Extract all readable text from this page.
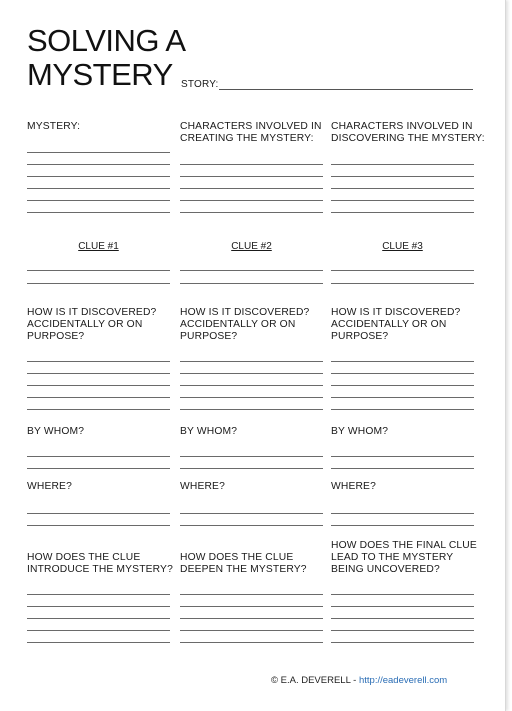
SOLVING A
MYSTERY STORY:
MYSTERY:
CLUE #1
HOW IS IT DISCOVERED?
ACCIDENTALLY OR ON
PURPOSE?
BY WHOM?
WHERE?
HOW DOES THE CLUE
INTRODUCE THE MYSTERY?
CHARACTERS INVOLVED IN
CREATING THE MYSTERY:
CLUE #2
HOW IS IT DISCOVERED?
ACCIDENTALLY OR ON
PURPOSE?
BY WHOM?
WHERE?
HOW DOES THE CLUE
DEEPEN THE MYSTERY?
CHARACTERS INVOLVED IN
DISCOVERING THE MYSTERY:
CLUE #3
HOW IS IT DISCOVERED?
ACCIDENTALLY OR ON
PURPOSE?
BY WHOM?
WHERE?
HOW DOES THE FINAL CLUE
LEAD TO THE MYSTERY
BEING UNCOVERED?
© E.A. DEVERELL - http://eadeverell.com
